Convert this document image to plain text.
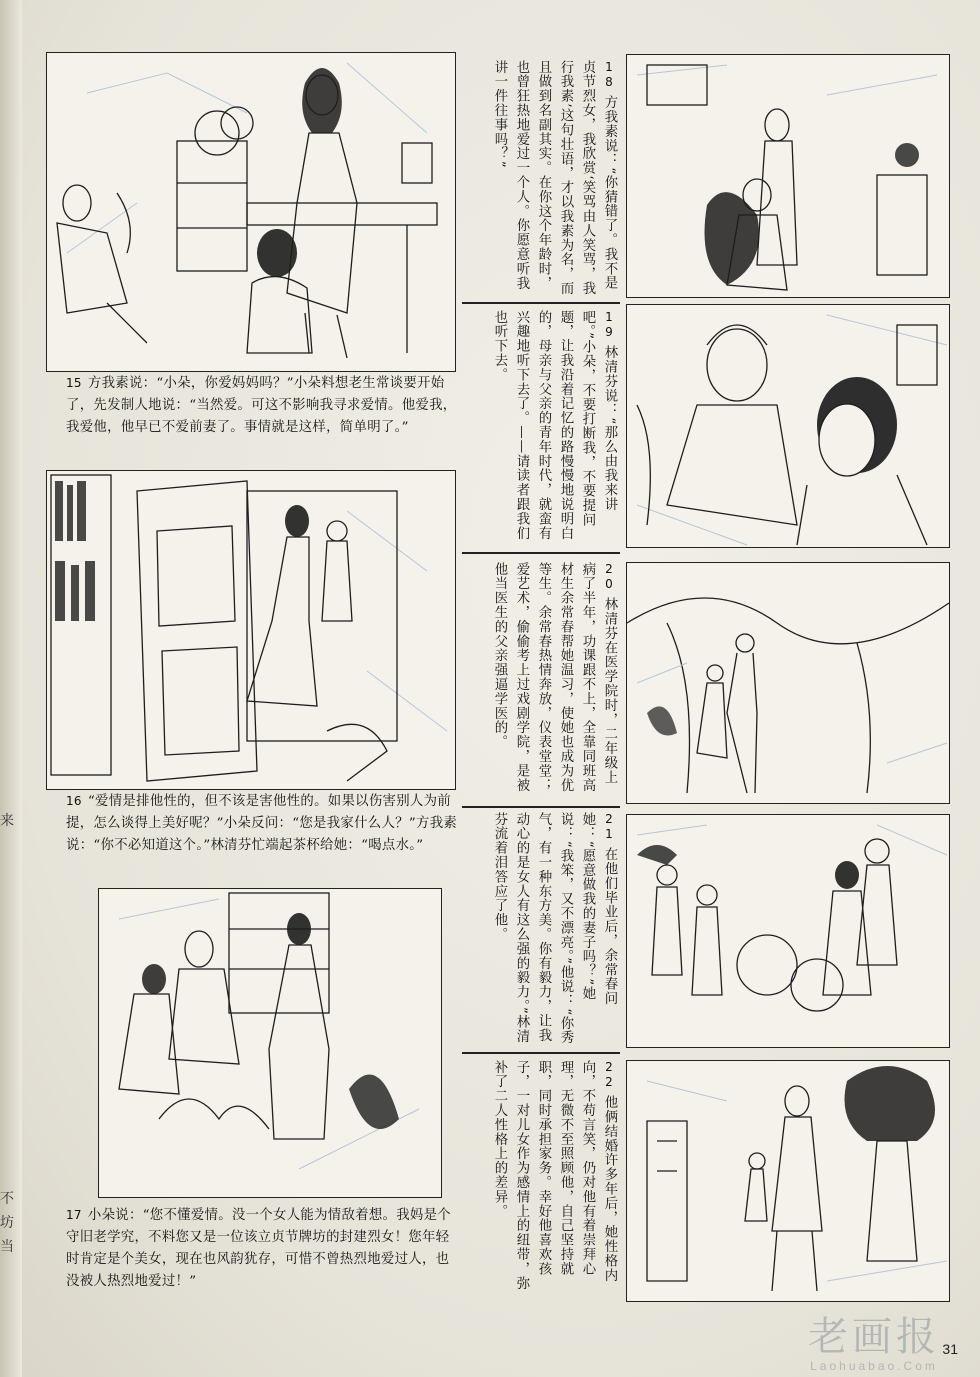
来
不
坊
当
15 方我素说：“小朵，你爱妈妈吗？”小朵料想老生常谈要开始了，先发制人地说：“当然爱。可这不影响我寻求爱情。他爱我，我爱他，他早已不爱前妻了。事情就是这样，简单明了。”
16 “爱情是排他性的，但不该是害他性的。如果以伤害别人为前提，怎么谈得上美好呢？”小朵反问：“您是我家什么人？”方我素说：“你不必知道这个。”林清芬忙端起茶杯给她：“喝点水。”
17 小朵说：“您不懂爱情。没一个女人能为情敌着想。我妈是个守旧老学究，不料您又是一位该立贞节牌坊的封建烈女！您年轻时肯定是个美女，现在也风韵犹存，可惜不曾热烈地爱过人，也没被人热烈地爱过！”

18 方我素说：“你猜错了。我不是贞节烈女，我欣赏‘笑骂由人笑骂，我行我素’这句壮语，才以我素为名，而且做到名副其实。在你这个年龄时，也曾狂热地爱过一个人。你愿意听我讲一件往事吗？”

19 林清芬说：“那么由我来讲吧。”小朵，不要打断我，不要提问题，让我沿着记忆的路慢慢地说明白的，母亲与父亲的青年时代，就蛮有兴趣地听下去了。——请读者跟我们也听下去。

20 林清芬在医学院时，二年级上病了半年，功课跟不上，全靠同班高材生余常春帮她温习，使她也成为优等生。余常春热情奔放，仪表堂堂；爱艺术，偷偷考上过戏剧学院，是被他当医生的父亲强逼学医的。

21 在他们毕业后，余常春问她：“愿意做我的妻子吗？”她说：“我笨，又不漂亮。”他说：“你秀气，有一种东方美。你有毅力，让我动心的是女人有这么强的毅力。”林清芬流着泪答应了他。

22 他俩结婚许多年后，她性格内向，不苟言笑，仍对他有着崇拜心理，无微不至照顾他，自己坚持就职，同时承担家务。幸好他喜欢孩子，一对儿女作为感情上的纽带，弥补了二人性格上的差异。

31
老画报
Laohuabao.Com
